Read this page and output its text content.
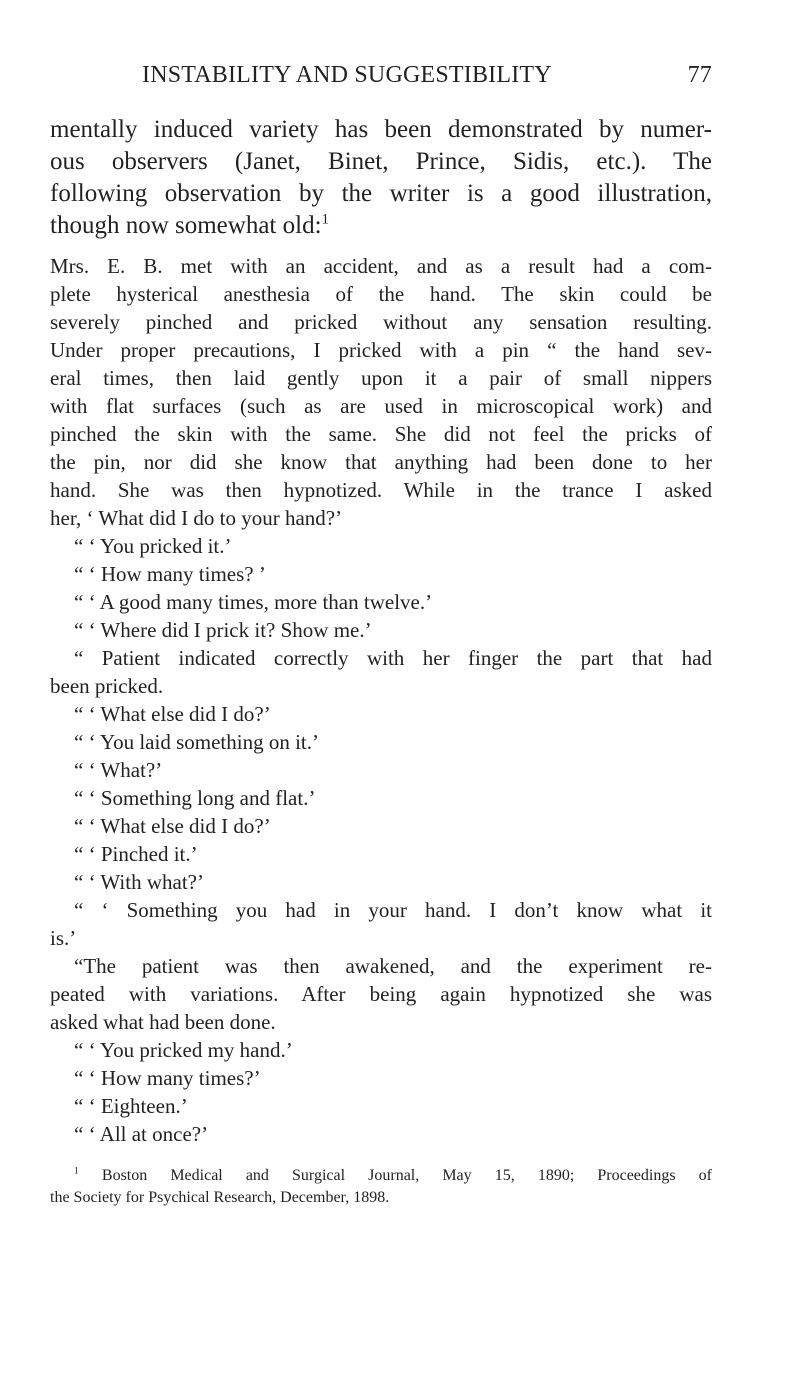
INSTABILITY AND SUGGESTIBILITY	77
mentally induced variety has been demonstrated by numer-
ous observers (Janet, Binet, Prince, Sidis, etc.). The
following observation by the writer is a good illustration,
though now somewhat old:$^1$
Mrs. E. B. met with an accident, and as a result had a com-
plete hysterical anesthesia of the hand. The skin could be
severely pinched and pricked without any sensation resulting.
Under proper precautions, I pricked with a pin “ the hand sev-
eral times, then laid gently upon it a pair of small nippers
with flat surfaces (such as are used in microscopical work) and
pinched the skin with the same. She did not feel the pricks of
the pin, nor did she know that anything had been done to her
hand. She was then hypnotized. While in the trance I asked
her, ‘ What did I do to your hand?’
“ ‘ You pricked it.’
“ ‘ How many times? ’
“ ‘ A good many times, more than twelve.’
“ ‘ Where did I prick it? Show me.’
“ Patient indicated correctly with her finger the part that had
been pricked.
“ ‘ What else did I do?’
“ ‘ You laid something on it.’
“ ‘ What?’
“ ‘ Something long and flat.’
“ ‘ What else did I do?’
“ ‘ Pinched it.’
“ ‘ With what?’
“ ‘ Something you had in your hand. I don’t know what it
is.’
“The patient was then awakened, and the experiment re-
peated with variations. After being again hypnotized she was
asked what had been done.
“ ‘ You pricked my hand.’
“ ‘ How many times?’
“ ‘ Eighteen.’
“ ‘ All at once?’
$^1$ Boston Medical and Surgical Journal, May 15, 1890; Proceedings of
the Society for Psychical Research, December, 1898.
